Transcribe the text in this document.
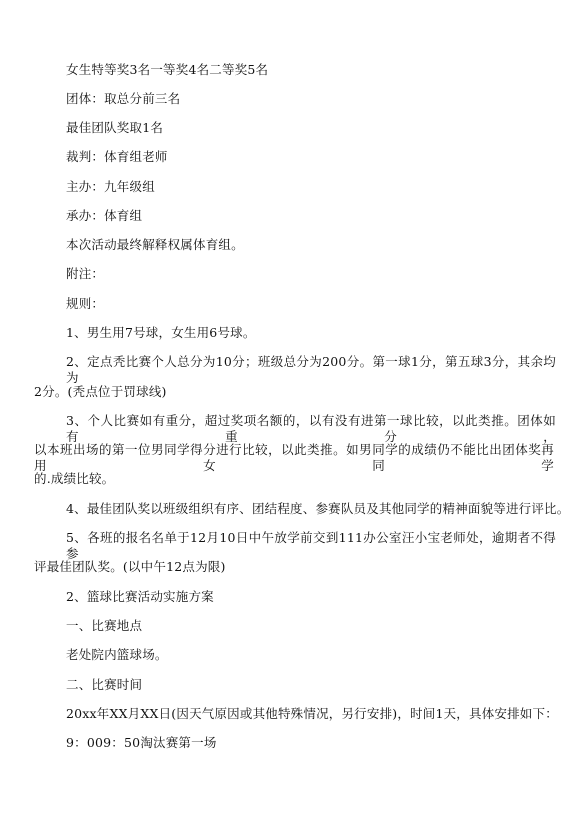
女生特等奖3名一等奖4名二等奖5名
团体：取总分前三名
最佳团队奖取1名
裁判：体育组老师
主办：九年级组
承办：体育组
本次活动最终解释权属体育组。
附注：
规则：
1、男生用7号球，女生用6号球。
2、定点秃比赛个人总分为10分；班级总分为200分。第一球1分，第五球3分，其余均为
2分。(秃点位于罚球线)
3、个人比赛如有重分，超过奖项名额的，以有没有进第一球比较，以此类推。团体如有重分，
以本班出场的第一位男同学得分进行比较，以此类推。如男同学的成绩仍不能比出团体奖再用女同学
的.成绩比较。
4、最佳团队奖以班级组织有序、团结程度、参赛队员及其他同学的精神面貌等进行评比。
5、各班的报名名单于12月10日中午放学前交到111办公室汪小宝老师处，逾期者不得参
评最佳团队奖。(以中午12点为限)
2、篮球比赛活动实施方案
一、比赛地点
老处院内篮球场。
二、比赛时间
20xx年XX月XX日(因天气原因或其他特殊情况，另行安排)，时间1天，具体安排如下：
9：009：50淘汰赛第一场
